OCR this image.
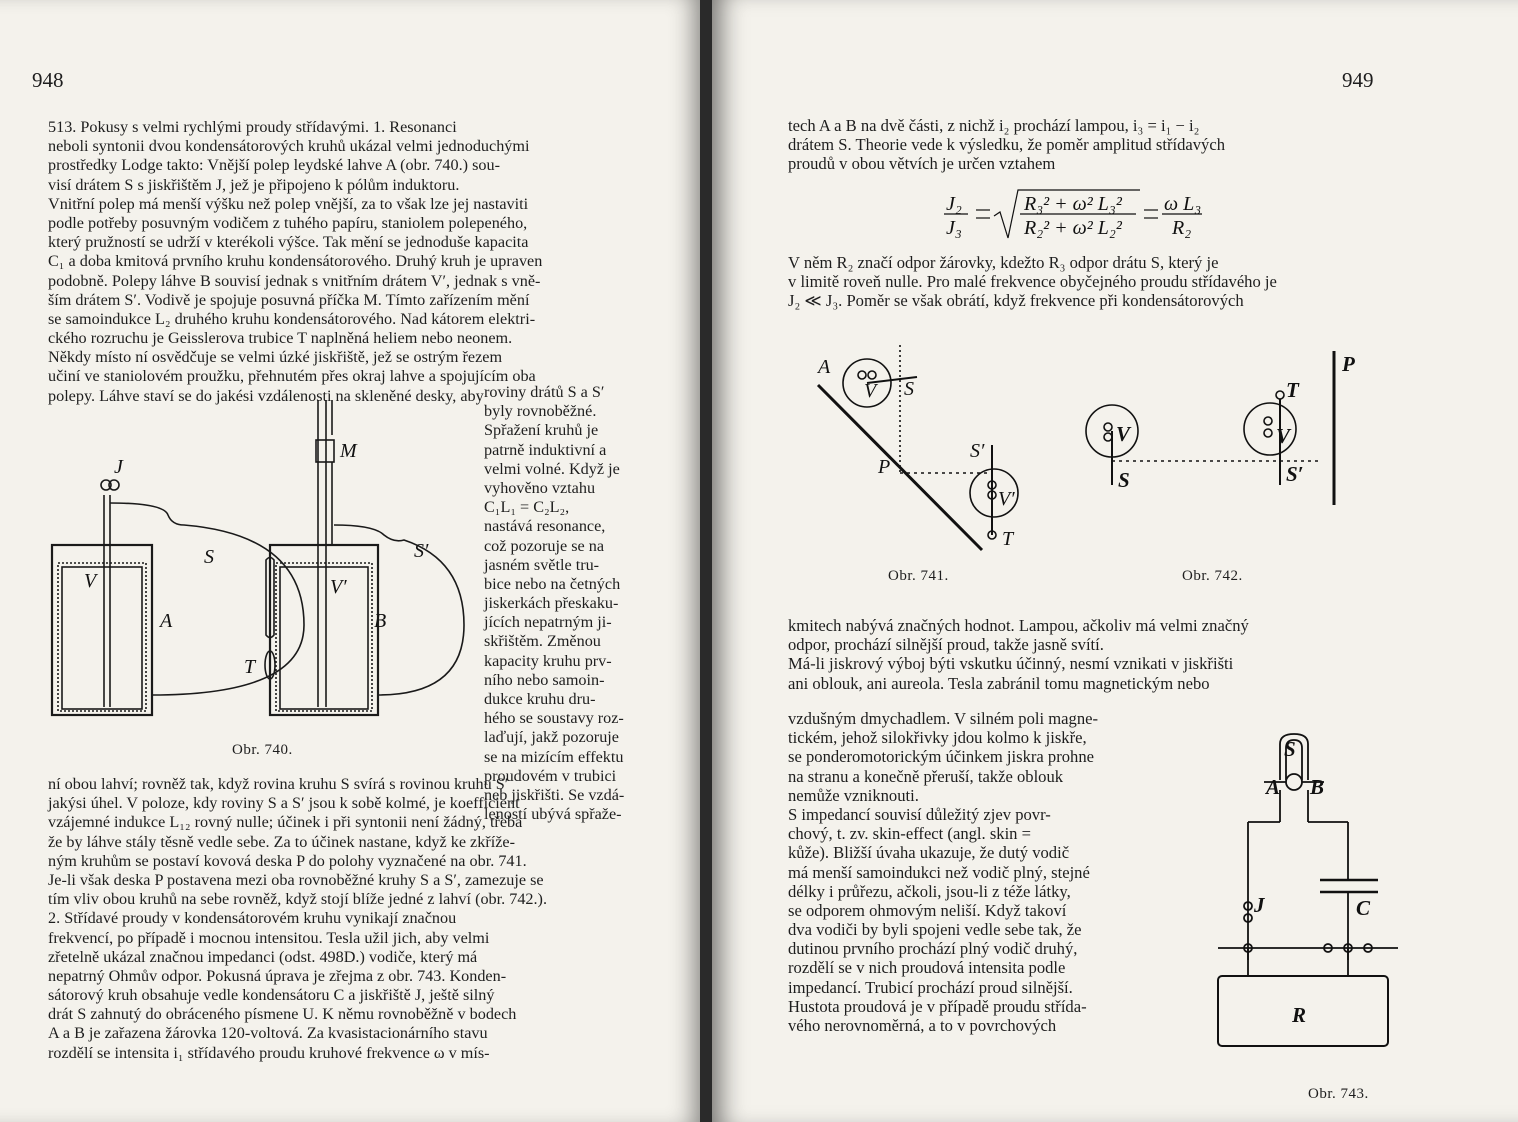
948
513. Pokusy s velmi rychlými proudy střídavými. 1. Resonanci
neboli syntonii dvou kondensátorových kruhů ukázal velmi jednoduchými
prostředky Lodge takto: Vnější polep leydské lahve A (obr. 740.) sou-
visí drátem S s jiskřištěm J, jež je připojeno k pólům induktoru.
Vnitřní polep má menší výšku než polep vnější, za to však lze jej nastaviti
podle potřeby posuvným vodičem z tuhého papíru, staniolem polepeného,
který pružností se udrží v kterékoli výšce. Tak mění se jednoduše kapacita
C₁ a doba kmitová prvního kruhu kondensátorového. Druhý kruh je upraven
podobně. Polepy láhve B souvisí jednak s vnitřním drátem V′, jednak s vně-
ším drátem S′. Vodivě je spojuje posuvná příčka M. Tímto zařízením mění
se samoindukce L₂ druhého kruhu kondensátorového. Nad kátorem elektri-
ckého rozruchu je Geisslerova trubice T naplněná heliem nebo neonem.
Někdy místo ní osvědčuje se velmi úzké jiskřiště, jež se ostrým řezem
učiní ve staniolovém proužku, přehnutém přes okraj lahve a spojujícím oba
polepy. Láhve staví se do jakési vzdálenosti na skleněné desky, aby roviny drátů S a S′
byly rovnoběžné.
Spřažení kruhů je
patrně induktivní a
velmi volné. Když je
vyhověno vztahu
C₁L₁ = C₂L₂,
nastává resonance,
což pozoruje se na
jasném světle tru-
bice nebo na četných
jiskerkách přeskaku-
jících nepatrným ji-
skřištěm. Změnou
kapacity kruhu prv-
ního nebo samoin-
dukce kruhu dru-
hého se soustavy roz-
laďují, jakž pozoruje
se na mizícím effektu
proudovém v trubici
neb jiskřišti. Se vzdá-
leností ubývá spřaže-
ní obou lahví; rovněž tak, když rovina kruhu S svírá s rovinou kruhu S′
jakýsi úhel. V poloze, kdy roviny S a S′ jsou k sobě kolmé, je koefficient
vzájemné indukce L₁₂ rovný nulle; účinek i při syntonii není žádný, třeba
že by láhve stály těsně vedle sebe. Za to účinek nastane, když ke zkříže-
ným kruhům se postaví kovová deska P do polohy vyznačené na obr. 741.
Je-li však deska P postavena mezi oba rovnoběžné kruhy S a S′, zamezuje se
tím vliv obou kruhů na sebe rovněž, když stojí blíže jedné z lahví (obr. 742.).
2. Střídavé proudy v kondensátorovém kruhu vynikají značnou
frekvencí, po případě i mocnou intensitou. Tesla užil jich, aby velmi
zřetelně ukázal značnou impedanci (odst. 498D.) vodiče, který má
nepatrný Ohmův odpor. Pokusná úprava je zřejma z obr. 743. Konden-
sátorový kruh obsahuje vedle kondensátoru C a jiskřiště J, ještě silný
drát S zahnutý do obráceného písmene U. K němu rovnoběžně v bodech
A a B je zařazena žárovka 120-voltová. Za kvasistacionárního stavu
rozdělí se intensita i₁ střídavého proudu kruhové frekvence ω v mís-
J
M
S	S′
V	V′
A	B
T
Obr. 740.
949
tech A a B na dvě části, z nichž i₂ prochází lampou, i₃ = i₁ − i₂
drátem S. Theorie vede k výsledku, že poměr amplitud střídavých
proudů v obou větvích je určen vztahem
J₂
J₃
R₃² + ω² L₃²
R₂² + ω² L₂²
ω L₃
R₂
V něm R₂ značí odpor žárovky, kdežto R₃ odpor drátu S, který je
v limitě roveň nulle. Pro malé frekvence obyčejného proudu střídavého je
J₂ ≪ J₃. Poměr se však obrátí, když frekvence při kondensátorových
A
V S
S′
P
V′
T
Obr. 741.
P
T
V
S
V
S′
Obr. 742.
kmitech nabývá značných hodnot. Lampou, ačkoliv má velmi značný
odpor, prochází silnější proud, takže jasně svítí.
Má-li jiskrový výboj býti vskutku účinný, nesmí vznikati v jiskřišti
ani oblouk, ani aureola. Tesla zabránil tomu magnetickým nebo
vzdušným dmychadlem. V silném poli magne-
tickém, jehož silokřivky jdou kolmo k jiskře,
se ponderomotorickým účinkem jiskra prohne
na stranu a konečně přeruší, takže oblouk
nemůže vzniknouti.
S impedancí souvisí důležitý zjev povr-
chový, t. zv. skin-effect (angl. skin =
kůže). Bližší úvaha ukazuje, že dutý vodič
má menší samoindukci než vodič plný, stejné
délky i průřezu, ačkoli, jsou-li z téže látky,
se odporem ohmovým neliší. Když takoví
dva vodiči by byli spojeni vedle sebe tak, že
dutinou prvního prochází plný vodič druhý,
rozdělí se v nich proudová intensita podle
impedancí. Trubicí prochází proud silnější.
Hustota proudová je v případě proudu střída-
vého nerovnoměrná, a to v povrchových
S
A B
J	C
R
Obr. 743.
